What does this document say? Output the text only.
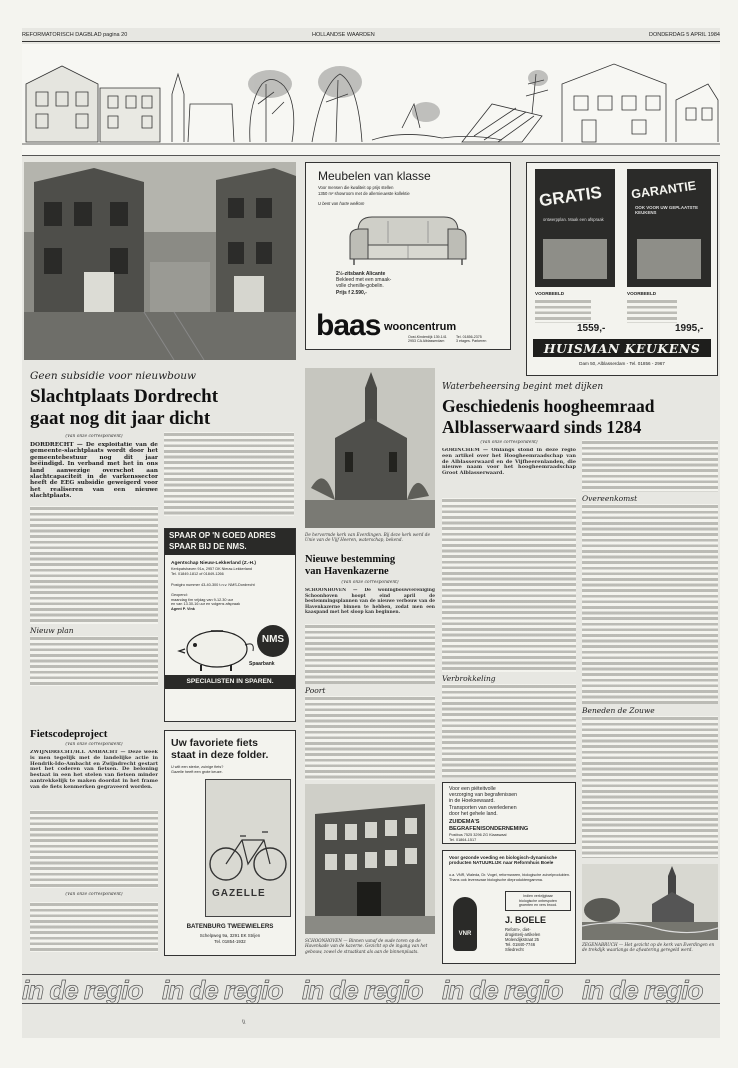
REFORMATORISCH DAGBLAD pagina 20	HOLLANDSE WAARDEN	DONDERDAG 5 APRIL 1984
Meubelen van klasse
Voor mensen die kwaliteit op prijs stellen
1350 m² showroom met de allernieuwste kollektie
U bent van harte welkom
2½-zitsbank Alicante
Bekleed met een smaak-
volle chenille-gobelin.
Prijs f 2.590,-
baas wooncentrum
Oost-Kinderdijk 139-141
2953 CA Alblasserdam
Tel. 01856-2375
3 etages. Parkeren
GRATIS
ontwerpplan. Maak een afspraak
GARANTIE
OOK VOOR UW GEPLAATSTE KEUKENS
VOORBEELD	VOORBEELD
1559,-	1995,-
HUISMAN KEUKENS
Dam 50, Alblasserdam - Tel. 01856 - 2967
Geen subsidie voor nieuwbouw
Slachtplaats Dordrecht
gaat nog dit jaar dicht
(Van onze correspondent)
DORDRECHT — De exploitatie van de gemeente-slachtplaats wordt door het gemeentebestuur nog dit jaar beëindigd. In verband met het in ons land aanwezige overschot aan slachtcapaciteit in de varkenssector heeft de EEG subsidie geweigerd voor het realiseren van een nieuwe slachtplaats.
Nieuw plan
SPAAR OP 'N GOED ADRES
SPAAR BIJ DE NMS.
Agentschap Nieuw-Lekkerland (Z.-H.)
Kerkpatshaven 91a, 2957 DK Nieuw-Lekkerland
Tel. 01849-1812 of 01849-1266
Postgiro nummer 43-40-300 t.n.v. NMS-Dordrecht
Geopend:
maandag t/m vrijdag van 9-12.30 uur
en van 13.30-16 uur en volgens afspraak
Agent P. Vink
NMS
Spaarbank
SPECIALISTEN IN SPAREN.
De hervormde kerk van Everdingen. Bij deze kerk werd de Unie van de Vijf Heeren, waterschap, bekend.
Nieuwe bestemming
van Havenkazerne
(Van onze correspondent)
SCHOONHOVEN — De woningbouwvereniging Schoonhoven hoopt eind april de bestemmingsplannen van de nieuwe verbouw van de Havenkazerne binnen te hebben, zodat men een kaaspand met het sloop kan beginnen.
Poort
SCHOONHOVEN — Binnen vanaf de oude toren op de Havenkade van de kazerne. Gezicht op de ingang van het gebouw, zowel de straatkant als aan de binnenplaats.
Fietscodeproject
(Van onze correspondent)
ZWIJNDRECHT/H.I. AMBACHT — Deze week is men tegelijk met de landelijke actie in Hendrik-Ido-Ambacht en Zwijndrecht gestart met het coderen van fietsen. De beloning bestaat in een het stelen van fietsen minder aantrekkelijk te maken doordat in het frame van de fiets kenmerken gegraveerd worden.
(Van onze correspondent)
Uw favoriete fiets
staat in deze folder.
U wilt een sterke, zuinige fiets? Gazelle heeft een grote keuze.
GAZELLE
BATENBURG TWEEWIELERS
Schelpweg 9a, 3291 EK Strijen
Tel. 01854-1932
Waterbeheersing begint met dijken
Geschiedenis hoogheemraad
Alblasserwaard sinds 1284
(Van onze correspondent)
GORINCHEM — Onlangs stond in deze regio een artikel over het Hoogheemraadschap van de Alblasserwaard en de Vijfheerenlanden, die nieuwe naam voor het hoogheemraadschap Groot Alblasserwaard.
Verbrokkeling
Overeenkomst
Beneden de Zouwe
ZEGENABRUCH — Het gezicht op de kerk van Everdingen en de trekdijk waarlangs de afwatering geregeld werd.
Voor een piëteitvolle
verzorging van begrafenissen
in de Hoeksewaard.
Transporten van overledenen
door het gehele land.
ZUIDEMA'S
BEGRAFENISONDERNEMING
Postbus 7525 3296 ZG Klaaswaal
Tel. 01864-1517
Voor gezonde voeding en biologisch-dynamische producten NATUURLIJK naar Reformhuis Boele
o.a. VNR, Waleda, Dr. Vogel, reformwaren, biologische zuivelprodukten. Thans ook levensvaar biologische dieproduktengamma.
Indien verkrijgbaar
biologische onbespoten
groenten en vers brood.
VNR
J. BOELE
Reform-, diet-
drogisterij-artikelen
Molendijkstraat 25
Tel. 01840-7746
Sliedrecht
in de regio in de regio in de regio in de regio in de regio
\\
